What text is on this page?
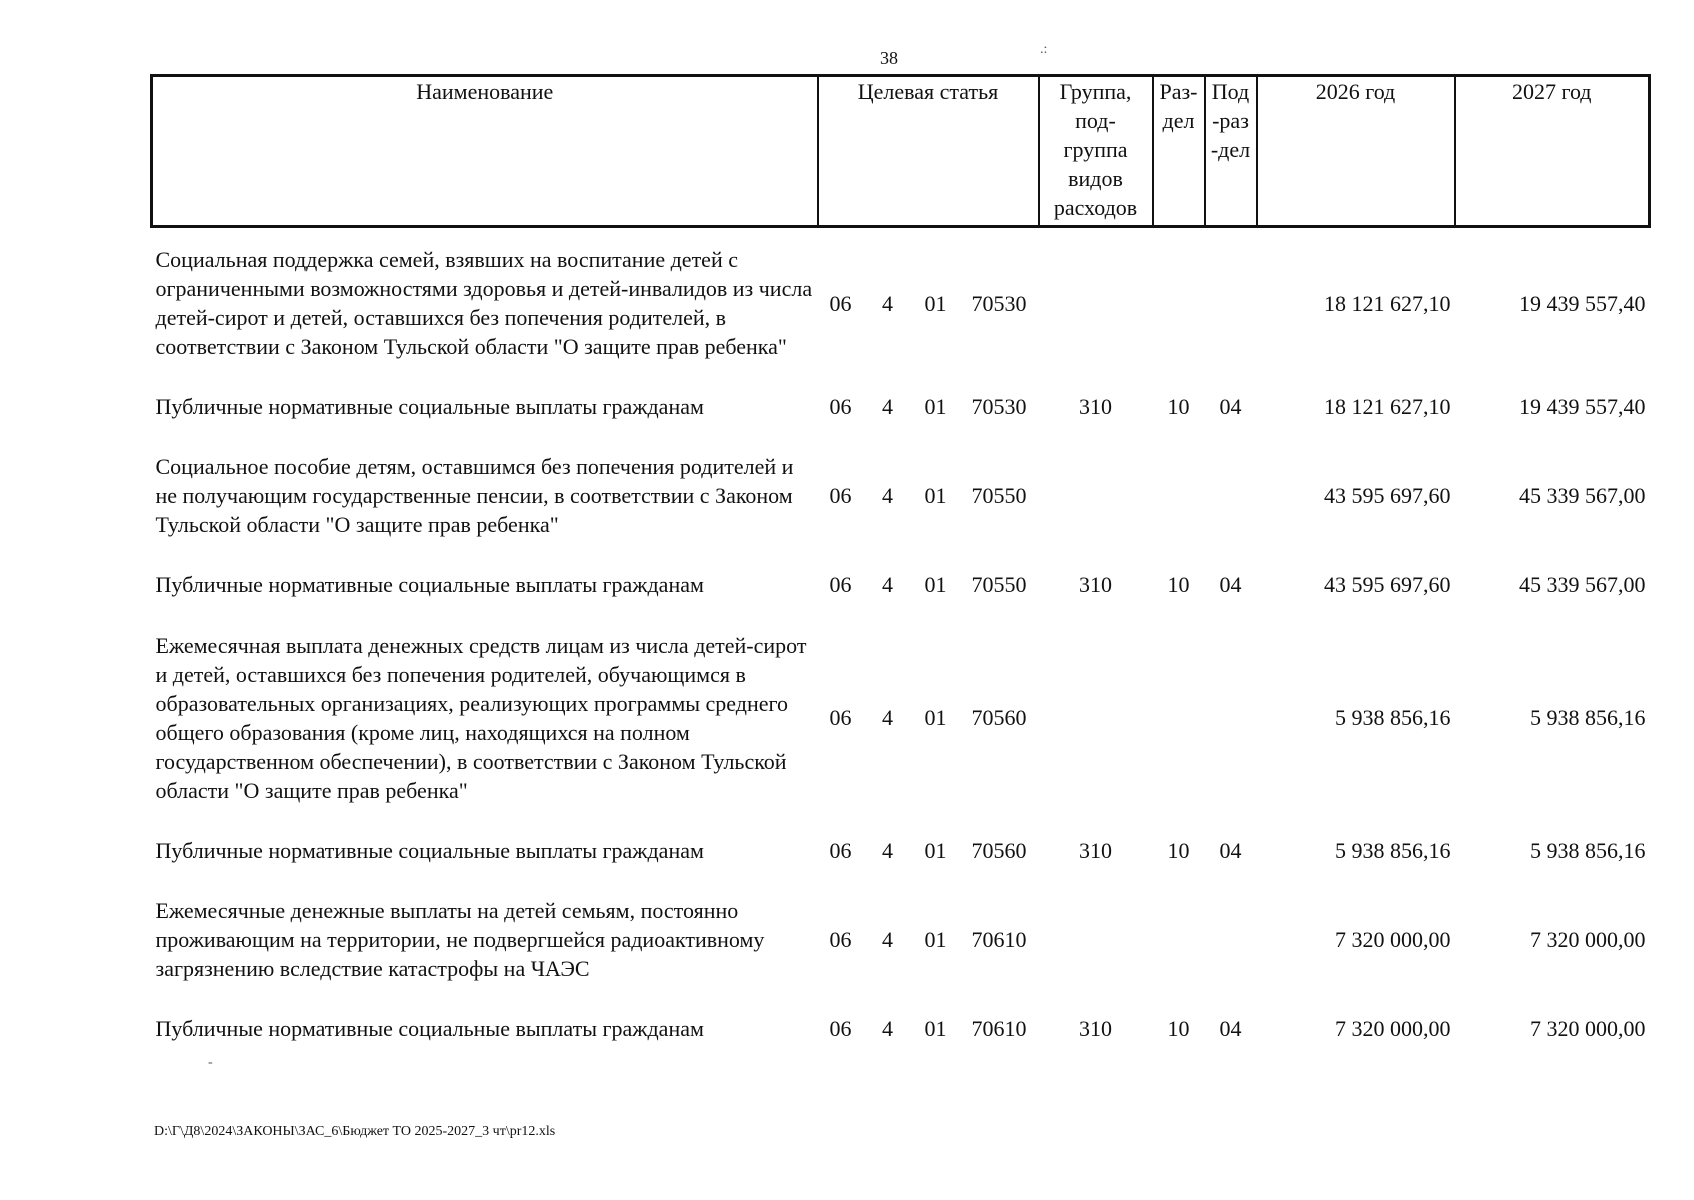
38	.:
Наименование	Целевая статья				Группа, под-группа видов расходов	Раз-дел	Под-раз-дел	2026 год	2027 год
Социальная поддержка семей, взявших на воспитание детей с ограниченными возможностями здоровья и детей-инвалидов из числа детей-сирот и детей, оставшихся без попечения родителей, в соответствии с Законом Тульской области "О защите прав ребенка"	06	4	01	70530				18 121 627,10	19 439 557,40
Публичные нормативные социальные выплаты гражданам	06	4	01	70530	310	10	04	18 121 627,10	19 439 557,40
Социальное пособие детям, оставшимся без попечения родителей и не получающим государственные пенсии, в соответствии с Законом Тульской области "О защите прав ребенка"	06	4	01	70550				43 595 697,60	45 339 567,00
Публичные нормативные социальные выплаты гражданам	06	4	01	70550	310	10	04	43 595 697,60	45 339 567,00
Ежемесячная выплата денежных средств лицам из числа детей-сирот и детей, оставшихся без попечения родителей, обучающимся в образовательных организациях, реализующих программы среднего общего образования (кроме лиц, находящихся на полном государственном обеспечении), в соответствии с Законом Тульской области "О защите прав ребенка"	06	4	01	70560				5 938 856,16	5 938 856,16
Публичные нормативные социальные выплаты гражданам	06	4	01	70560	310	10	04	5 938 856,16	5 938 856,16
Ежемесячные денежные выплаты на детей семьям, постоянно проживающим на территории, не подвергшейся радиоактивному загрязнению вследствие катастрофы на ЧАЭС	06	4	01	70610				7 320 000,00	7 320 000,00
Публичные нормативные социальные выплаты гражданам	06	4	01	70610	310	10	04	7 320 000,00	7 320 000,00
-
D:\Г\Д8\2024\ЗАКОНЫ\ЗАС_6\Бюджет ТО 2025-2027_3 чт\pr12.xls
